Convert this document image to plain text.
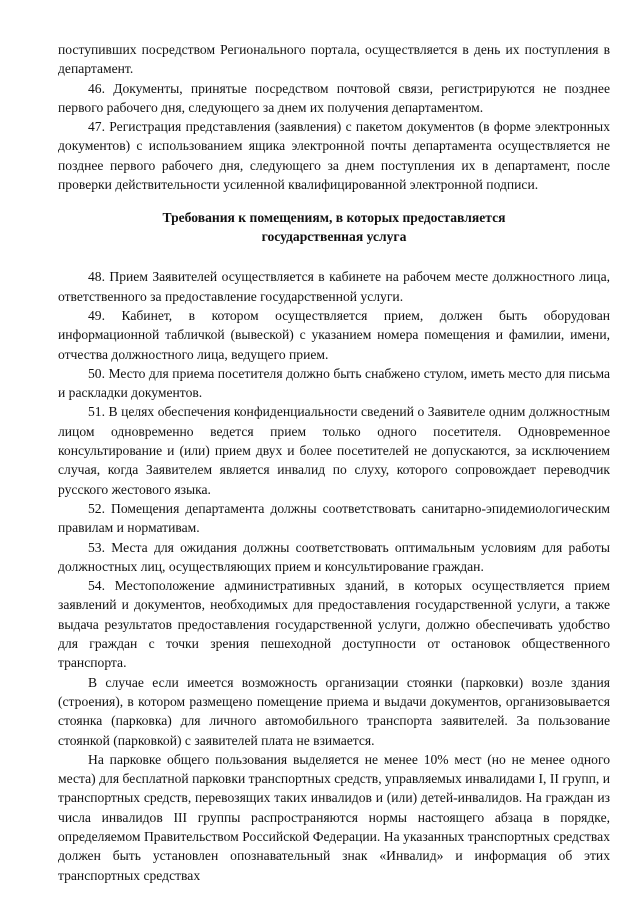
поступивших посредством Регионального портала, осуществляется в день их поступления в департамент.

46. Документы, принятые посредством почтовой связи, регистрируются не позднее первого рабочего дня, следующего за днем их получения департаментом.

47. Регистрация представления (заявления) с пакетом документов (в форме электронных документов) с использованием ящика электронной почты департамента осуществляется не позднее первого рабочего дня, следующего за днем поступления их в департамент, после проверки действительности усиленной квалифицированной электронной подписи.

Требования к помещениям, в которых предоставляется
государственная услуга

48. Прием Заявителей осуществляется в кабинете на рабочем месте должностного лица, ответственного за предоставление государственной услуги.

49. Кабинет, в котором осуществляется прием, должен быть оборудован информационной табличкой (вывеской) с указанием номера помещения и фамилии, имени, отчества должностного лица, ведущего прием.

50. Место для приема посетителя должно быть снабжено стулом, иметь место для письма и раскладки документов.

51. В целях обеспечения конфиденциальности сведений о Заявителе одним должностным лицом одновременно ведется прием только одного посетителя. Одновременное консультирование и (или) прием двух и более посетителей не допускаются, за исключением случая, когда Заявителем является инвалид по слуху, которого сопровождает переводчик русского жестового языка.

52. Помещения департамента должны соответствовать санитарно-эпидемиологическим правилам и нормативам.

53. Места для ожидания должны соответствовать оптимальным условиям для работы должностных лиц, осуществляющих прием и консультирование граждан.

54. Местоположение административных зданий, в которых осуществляется прием заявлений и документов, необходимых для предоставления государственной услуги, а также выдача результатов предоставления государственной услуги, должно обеспечивать удобство для граждан с точки зрения пешеходной доступности от остановок общественного транспорта.

В случае если имеется возможность организации стоянки (парковки) возле здания (строения), в котором размещено помещение приема и выдачи документов, организовывается стоянка (парковка) для личного автомобильного транспорта заявителей. За пользование стоянкой (парковкой) с заявителей плата не взимается.

На парковке общего пользования выделяется не менее 10% мест (но не менее одного места) для бесплатной парковки транспортных средств, управляемых инвалидами I, II групп, и транспортных средств, перевозящих таких инвалидов и (или) детей-инвалидов. На граждан из числа инвалидов III группы распространяются нормы настоящего абзаца в порядке, определяемом Правительством Российской Федерации. На указанных транспортных средствах должен быть установлен опознавательный знак «Инвалид» и информация об этих транспортных средствах
